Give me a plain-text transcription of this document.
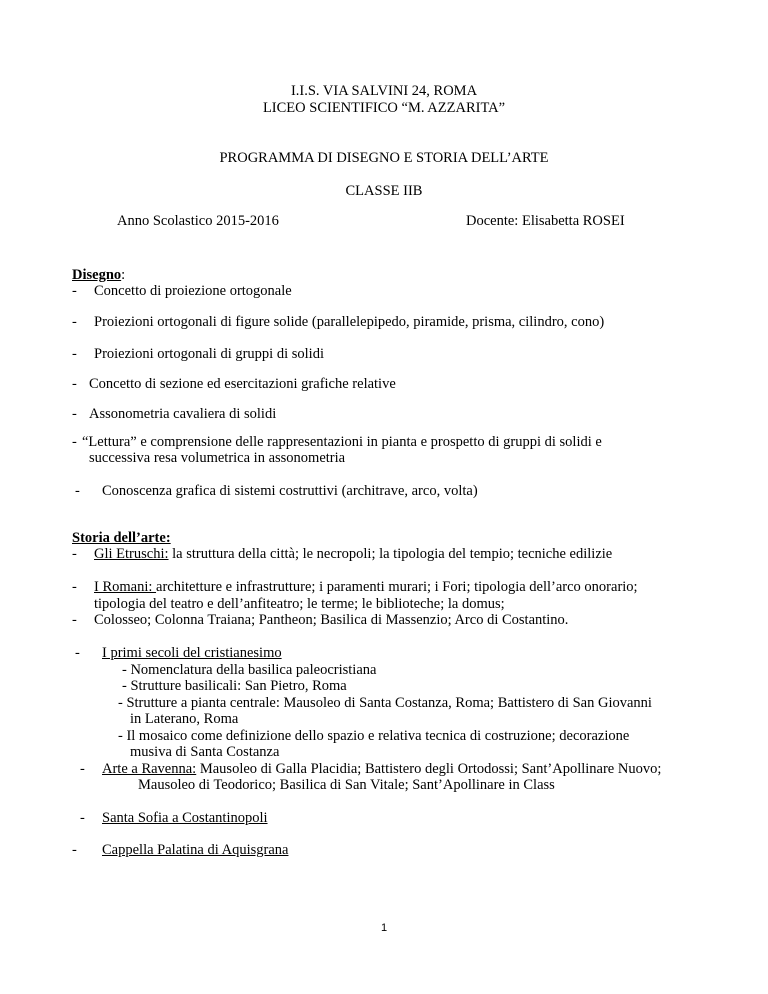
I.I.S. VIA SALVINI 24, ROMA
LICEO SCIENTIFICO “M. AZZARITA”
PROGRAMMA DI DISEGNO E STORIA DELL’ARTE
CLASSE IIB
Anno Scolastico 2015-2016	Docente: Elisabetta ROSEI
Disegno:
- Concetto di proiezione ortogonale
- Proiezioni ortogonali di figure solide (parallelepipedo, piramide, prisma, cilindro, cono)
- Proiezioni ortogonali di gruppi di solidi
- Concetto di sezione ed esercitazioni grafiche relative
- Assonometria cavaliera di solidi
- “Lettura” e comprensione delle rappresentazioni in pianta e prospetto di gruppi di solidi e
successiva resa volumetrica in assonometria
- Conoscenza grafica di sistemi costruttivi (architrave, arco, volta)
Storia dell’arte:
- Gli Etruschi: la struttura della città; le necropoli; la tipologia del tempio; tecniche edilizie
- I Romani: architetture e infrastrutture; i paramenti murari; i Fori; tipologia dell’arco onorario;
tipologia del teatro e dell’anfiteatro; le terme; le biblioteche; la domus;
- Colosseo; Colonna Traiana; Pantheon; Basilica di Massenzio; Arco di Costantino.
- I primi secoli del cristianesimo
- Nomenclatura della basilica paleocristiana
- Strutture basilicali: San Pietro, Roma
- Strutture a pianta centrale: Mausoleo di Santa Costanza, Roma; Battistero di San Giovanni
in Laterano, Roma
- Il mosaico come definizione dello spazio e relativa tecnica di costruzione; decorazione
musiva di Santa Costanza
- Arte a Ravenna: Mausoleo di Galla Placidia; Battistero degli Ortodossi; Sant’Apollinare Nuovo;
Mausoleo di Teodorico; Basilica di San Vitale; Sant’Apollinare in Class
- Santa Sofia a Costantinopoli
- Cappella Palatina di Aquisgrana
1
